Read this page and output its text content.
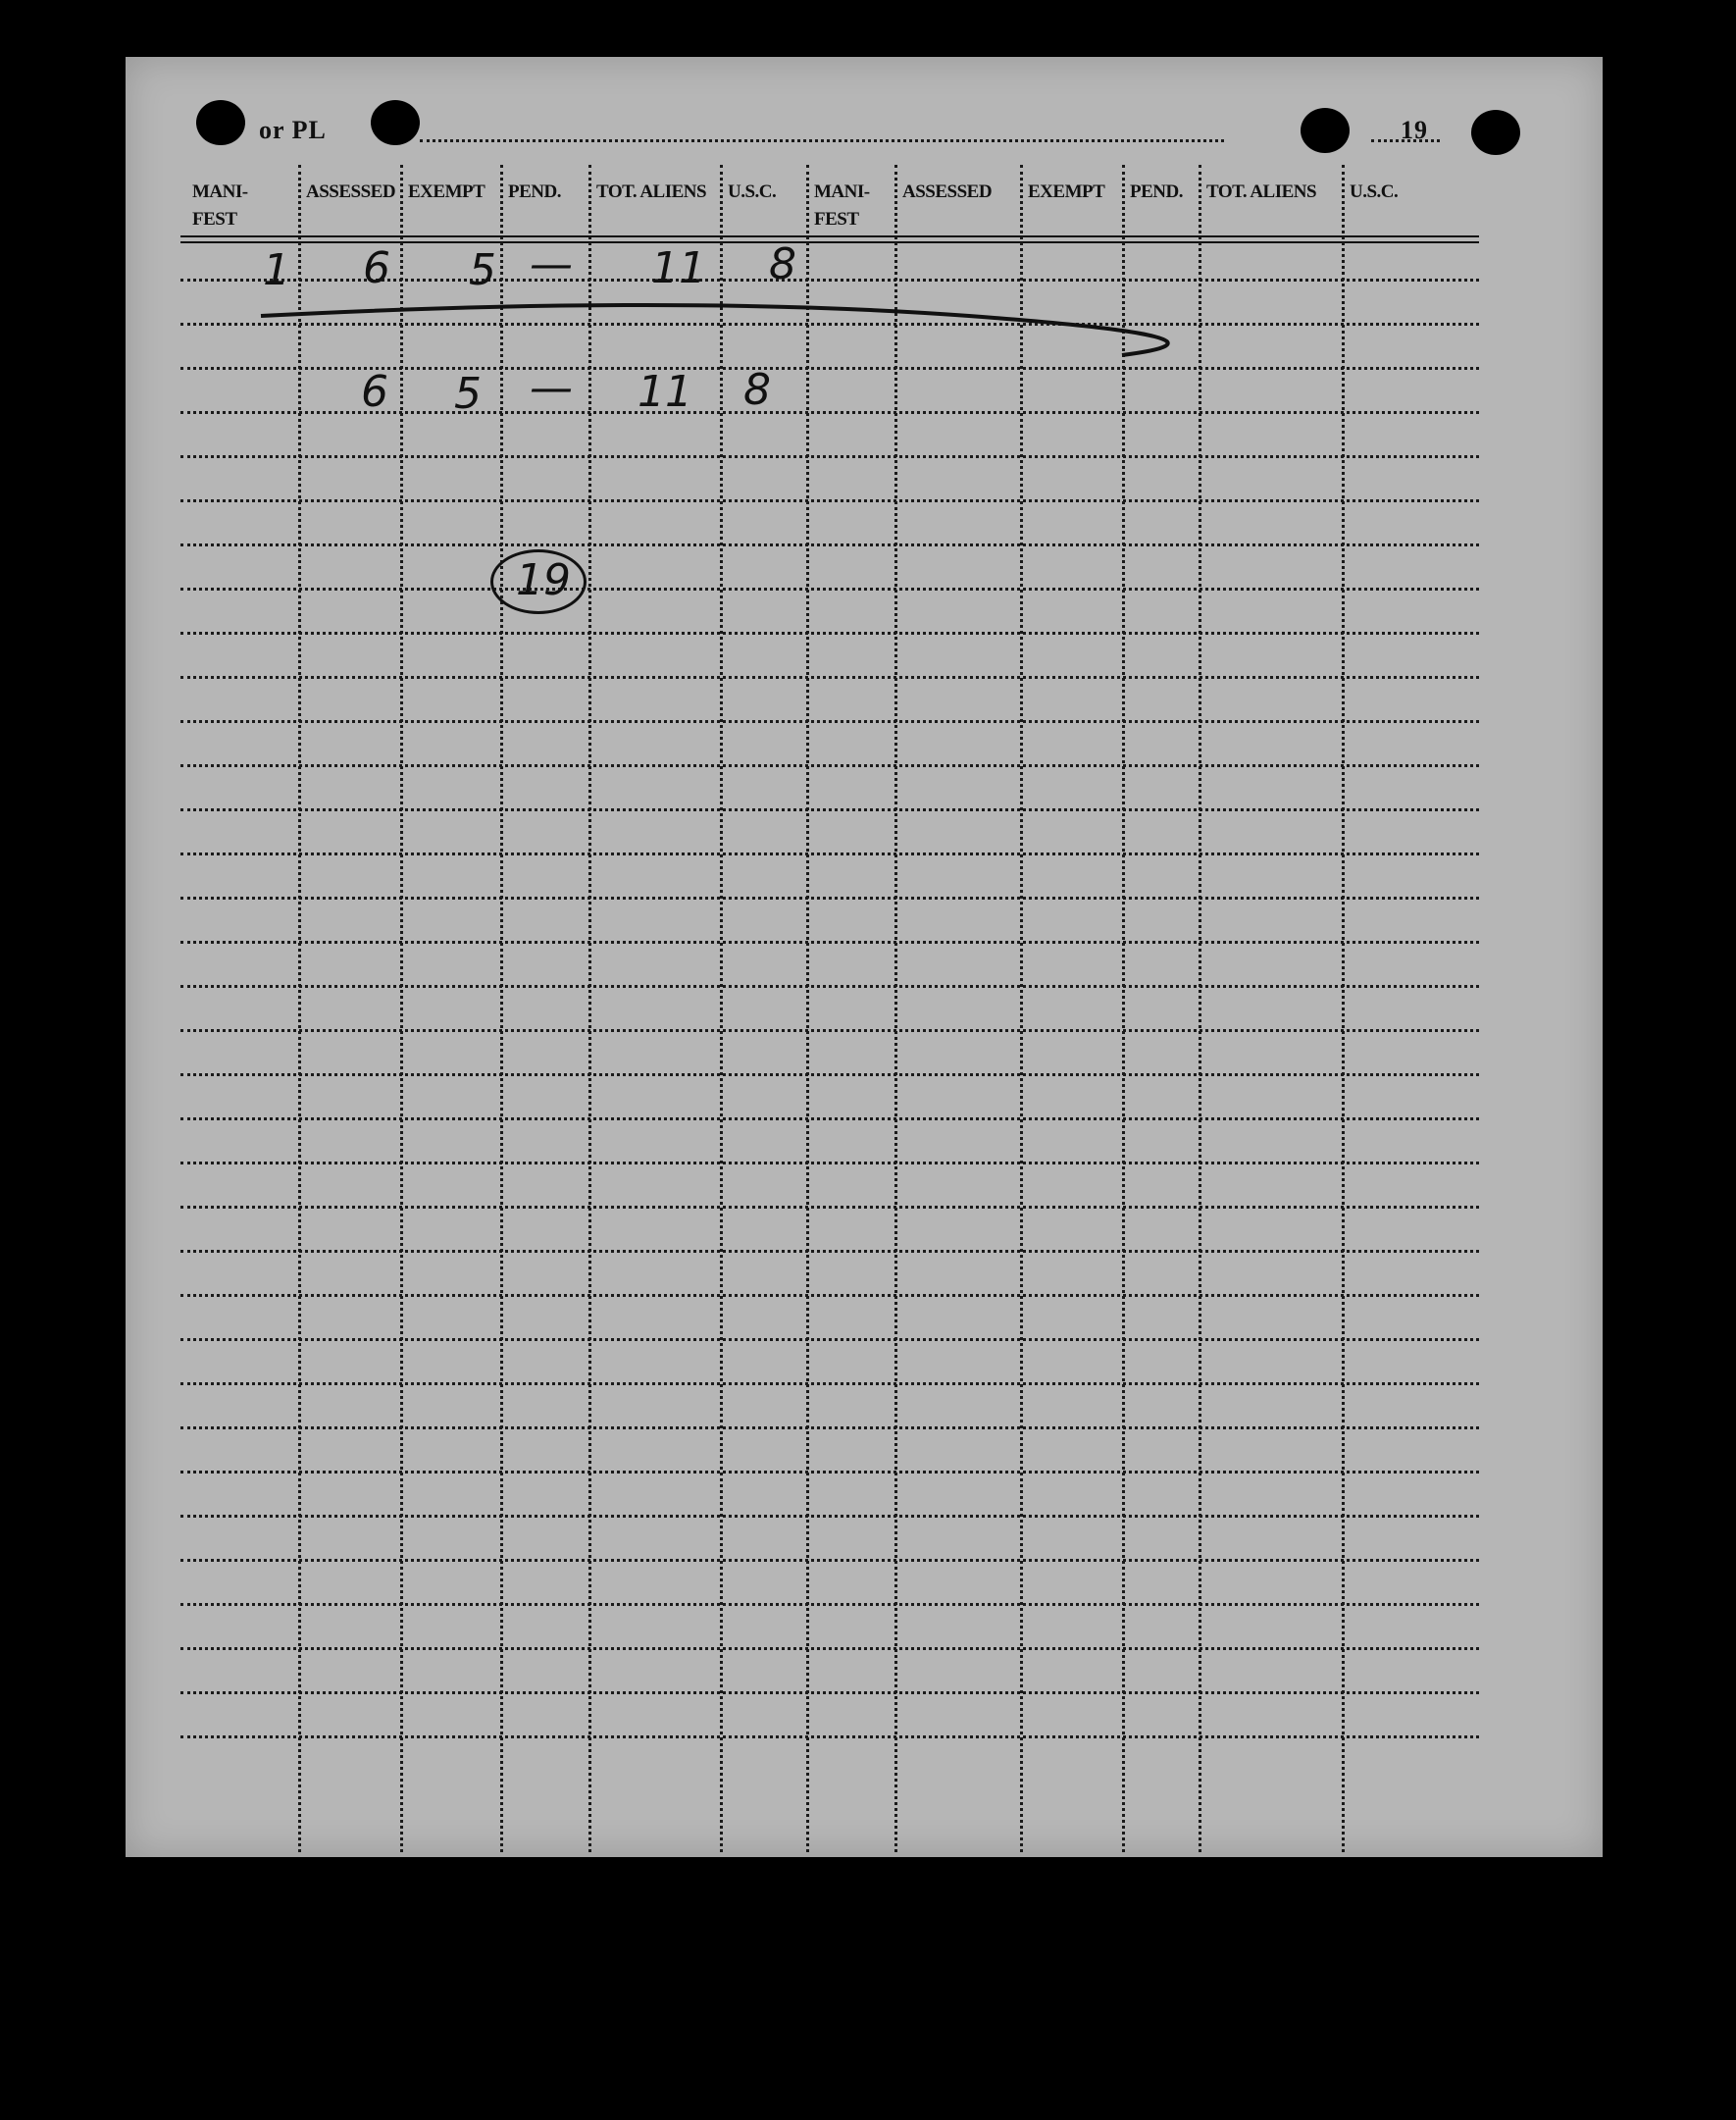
or PL	19
MANI-
FEST
ASSESSED EXEMPT PEND. TOT. ALIENS U.S.C. MANI-
FEST
ASSESSED EXEMPT PEND. TOT. ALIENS U.S.C.
1 6 5 — 11 8
6 5 — 11 8
19
